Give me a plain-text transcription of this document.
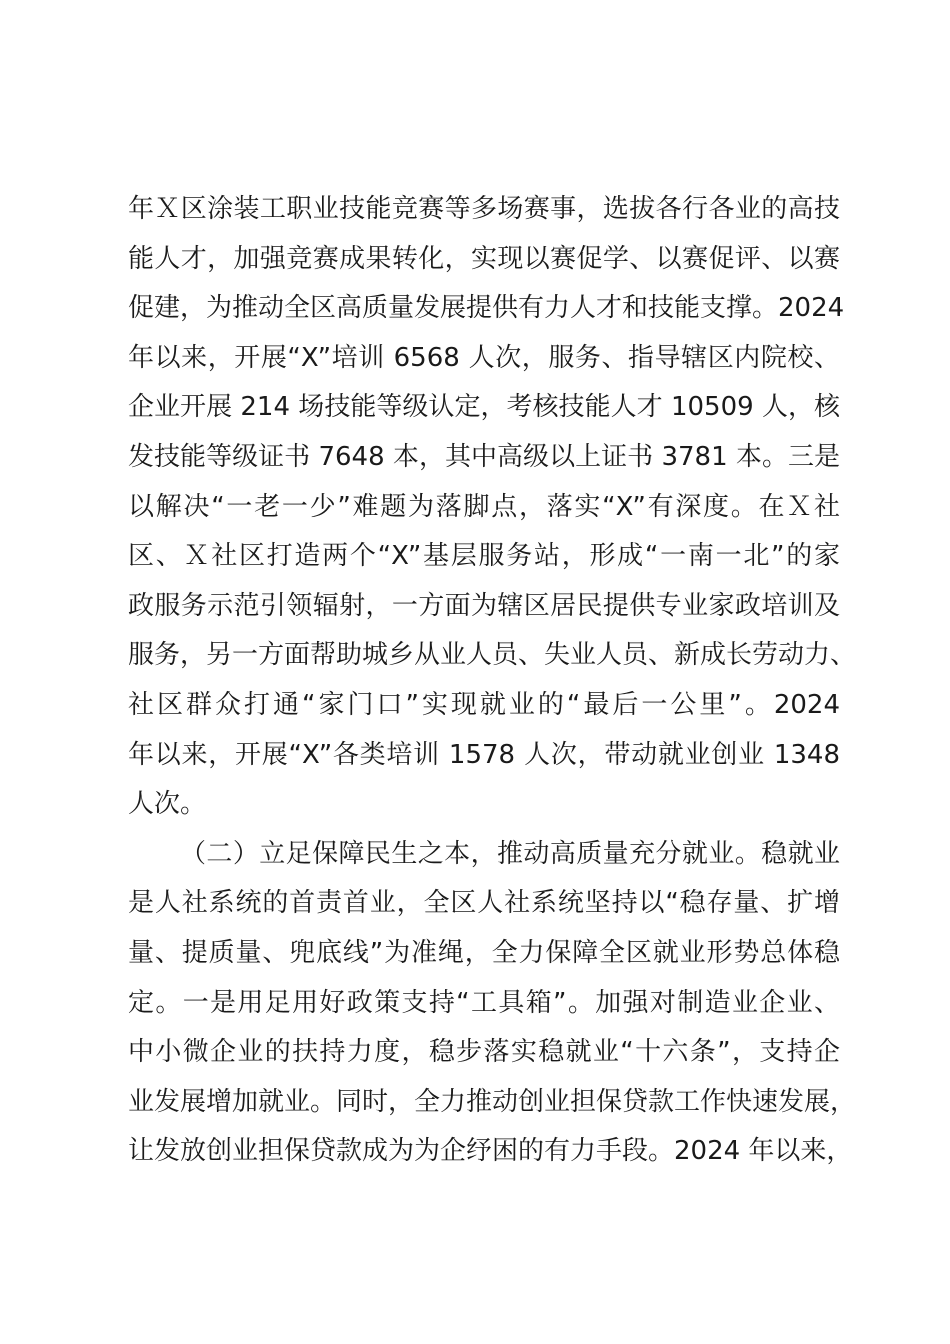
年Ｘ区涂装工职业技能竞赛等多场赛事，选拔各行各业的高技
能人才，加强竞赛成果转化，实现以赛促学、以赛促评、以赛
促建，为推动全区高质量发展提供有力人才和技能支撑。2024
年以来，开展“X”培训 6568 人次，服务、指导辖区内院校、
企业开展 214 场技能等级认定，考核技能人才 10509 人，核
发技能等级证书 7648 本，其中高级以上证书 3781 本。三是
以解决“一老一少”难题为落脚点，落实“X”有深度。在Ｘ社
区、Ｘ社区打造两个“X”基层服务站，形成“一南一北”的家
政服务示范引领辐射，一方面为辖区居民提供专业家政培训及
服务，另一方面帮助城乡从业人员、失业人员、新成长劳动力、
社区群众打通“家门口”实现就业的“最后一公里”。2024
年以来，开展“X”各类培训 1578 人次，带动就业创业 1348
人次。
（二）立足保障民生之本，推动高质量充分就业。稳就业
是人社系统的首责首业，全区人社系统坚持以“稳存量、扩增
量、提质量、兜底线”为准绳，全力保障全区就业形势总体稳
定。一是用足用好政策支持“工具箱”。加强对制造业企业、
中小微企业的扶持力度，稳步落实稳就业“十六条”，支持企
业发展增加就业。同时，全力推动创业担保贷款工作快速发展，
让发放创业担保贷款成为为企纾困的有力手段。2024 年以来，
